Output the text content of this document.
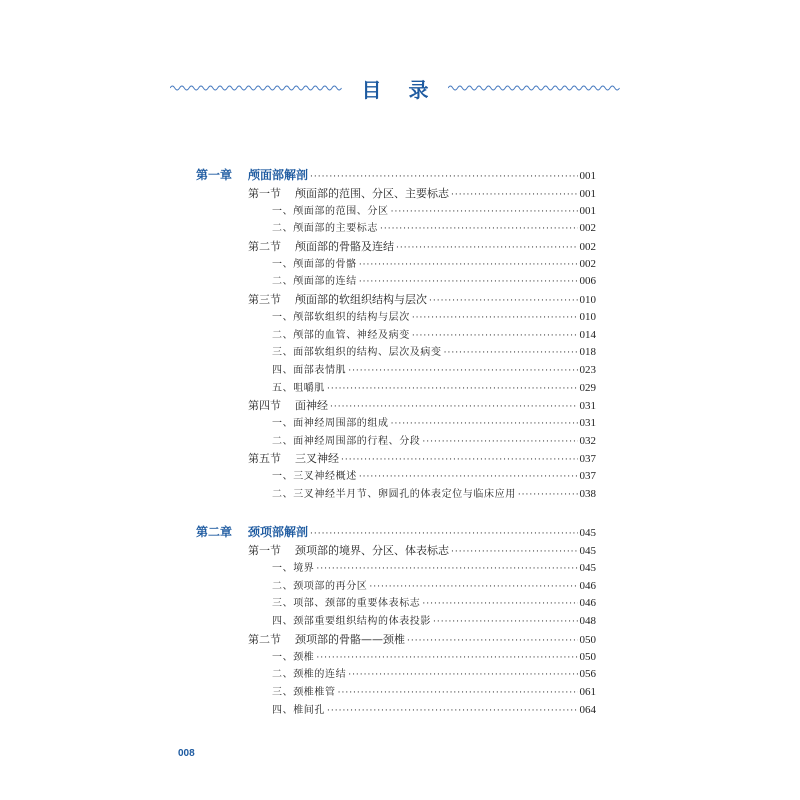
目 录
第一章	颅面部解剖 ·····	001
第一节	颅面部的范围、分区、主要标志 ·····	001
一、颅面部的范围、分区 ·····	001
二、颅面部的主要标志 ·····	002
第二节	颅面部的骨骼及连结 ·····	002
一、颅面部的骨骼 ·····	002
二、颅面部的连结 ·····	006
第三节	颅面部的软组织结构与层次 ·····	010
一、颅部软组织的结构与层次 ·····	010
二、颅部的血管、神经及病变 ·····	014
三、面部软组织的结构、层次及病变 ·····	018
四、面部表情肌 ·····	023
五、咀嚼肌 ·····	029
第四节	面神经 ·····	031
一、面神经周围部的组成 ·····	031
二、面神经周围部的行程、分段 ·····	032
第五节	三叉神经 ·····	037
一、三叉神经概述 ·····	037
二、三叉神经半月节、卵圆孔的体表定位与临床应用 ·····	038
第二章	颈项部解剖 ·····	045
第一节	颈项部的境界、分区、体表标志 ·····	045
一、境界 ·····	045
二、颈项部的再分区 ·····	046
三、项部、颈部的重要体表标志 ·····	046
四、颈部重要组织结构的体表投影 ·····	048
第二节	颈项部的骨骼——颈椎 ·····	050
一、颈椎 ·····	050
二、颈椎的连结 ·····	056
三、颈椎椎管 ·····	061
四、椎间孔 ·····	064
008
